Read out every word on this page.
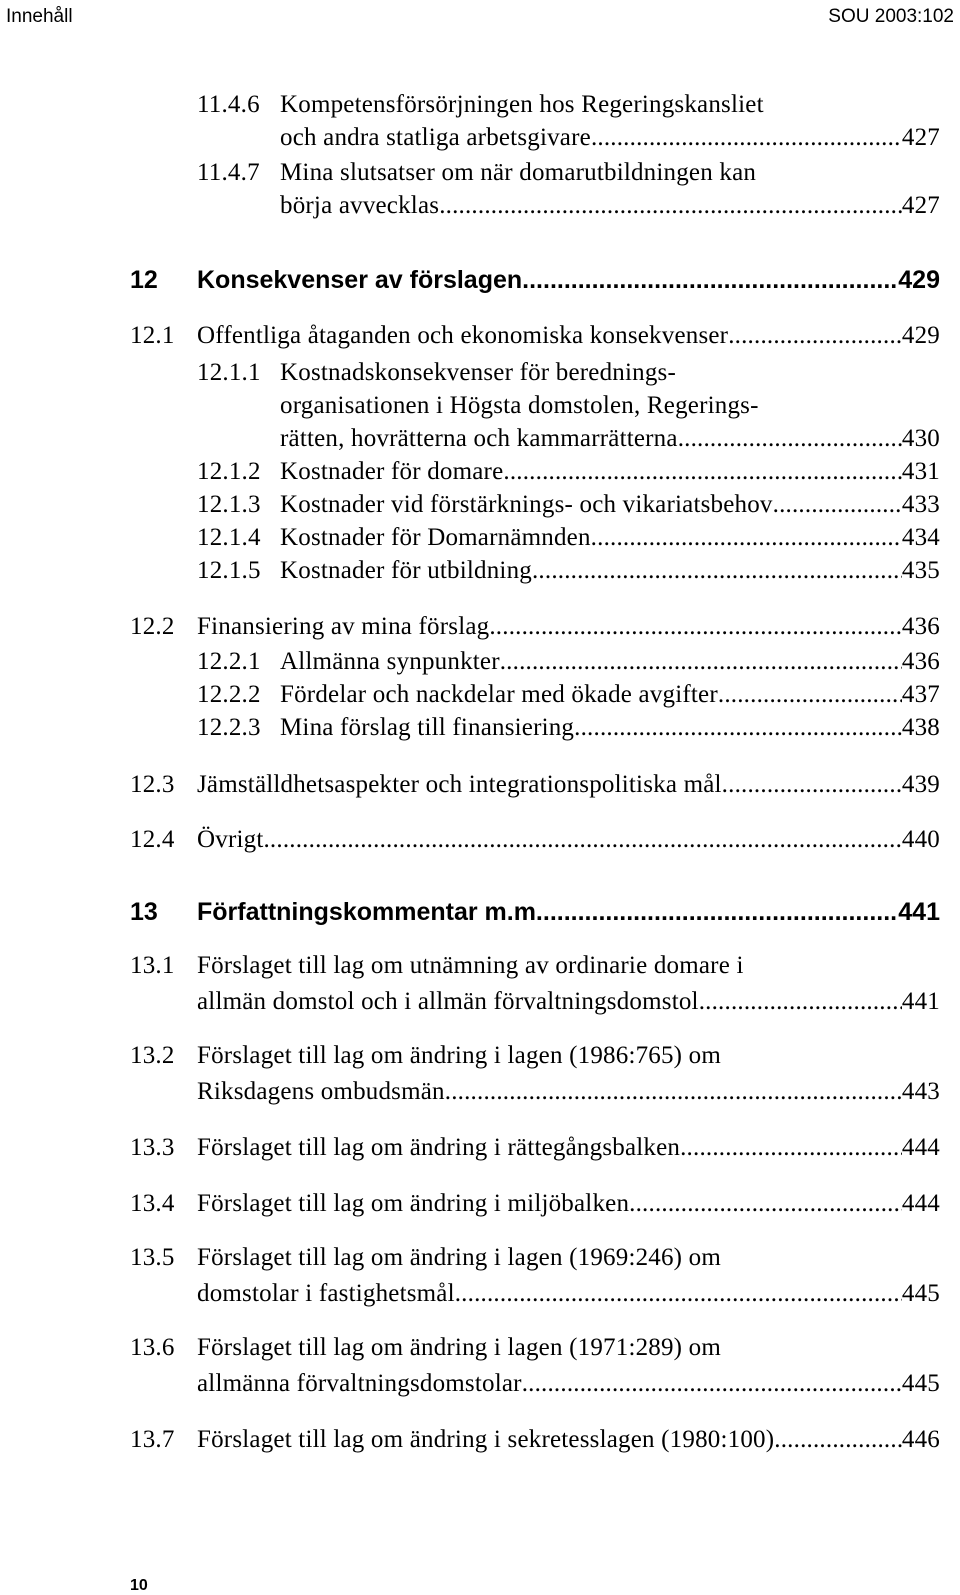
Innehåll	SOU 2003:102
11.4.6 Kompetensförsörjningen hos Regeringskansliet
och andra statliga arbetsgivare .....	427
11.4.7 Mina slutsatser om när domarutbildningen kan
börja avvecklas .....	427
12 Konsekvenser av förslagen .....	429
12.1 Offentliga åtaganden och ekonomiska konsekvenser .....	429
12.1.1 Kostnadskonsekvenser för berednings-
organisationen i Högsta domstolen, Regerings-
rätten, hovrätterna och kammarrätterna .....	430
12.1.2 Kostnader för domare .....	431
12.1.3 Kostnader vid förstärknings- och vikariatsbehov .....	433
12.1.4 Kostnader för Domarnämnden .....	434
12.1.5 Kostnader för utbildning .....	435
12.2 Finansiering av mina förslag .....	436
12.2.1 Allmänna synpunkter .....	436
12.2.2 Fördelar och nackdelar med ökade avgifter .....	437
12.2.3 Mina förslag till finansiering .....	438
12.3 Jämställdhetsaspekter och integrationspolitiska mål .....	439
12.4 Övrigt .....	440
13 Författningskommentar m.m. .....	441
13.1 Förslaget till lag om utnämning av ordinarie domare i
allmän domstol och i allmän förvaltningsdomstol .....	441
13.2 Förslaget till lag om ändring i lagen (1986:765) om
Riksdagens ombudsmän .....	443
13.3 Förslaget till lag om ändring i rättegångsbalken .....	444
13.4 Förslaget till lag om ändring i miljöbalken .....	444
13.5 Förslaget till lag om ändring i lagen (1969:246) om
domstolar i fastighetsmål .....	445
13.6 Förslaget till lag om ändring i lagen (1971:289) om
allmänna förvaltningsdomstolar .....	445
13.7 Förslaget till lag om ändring i sekretesslagen (1980:100) .....	446
10
